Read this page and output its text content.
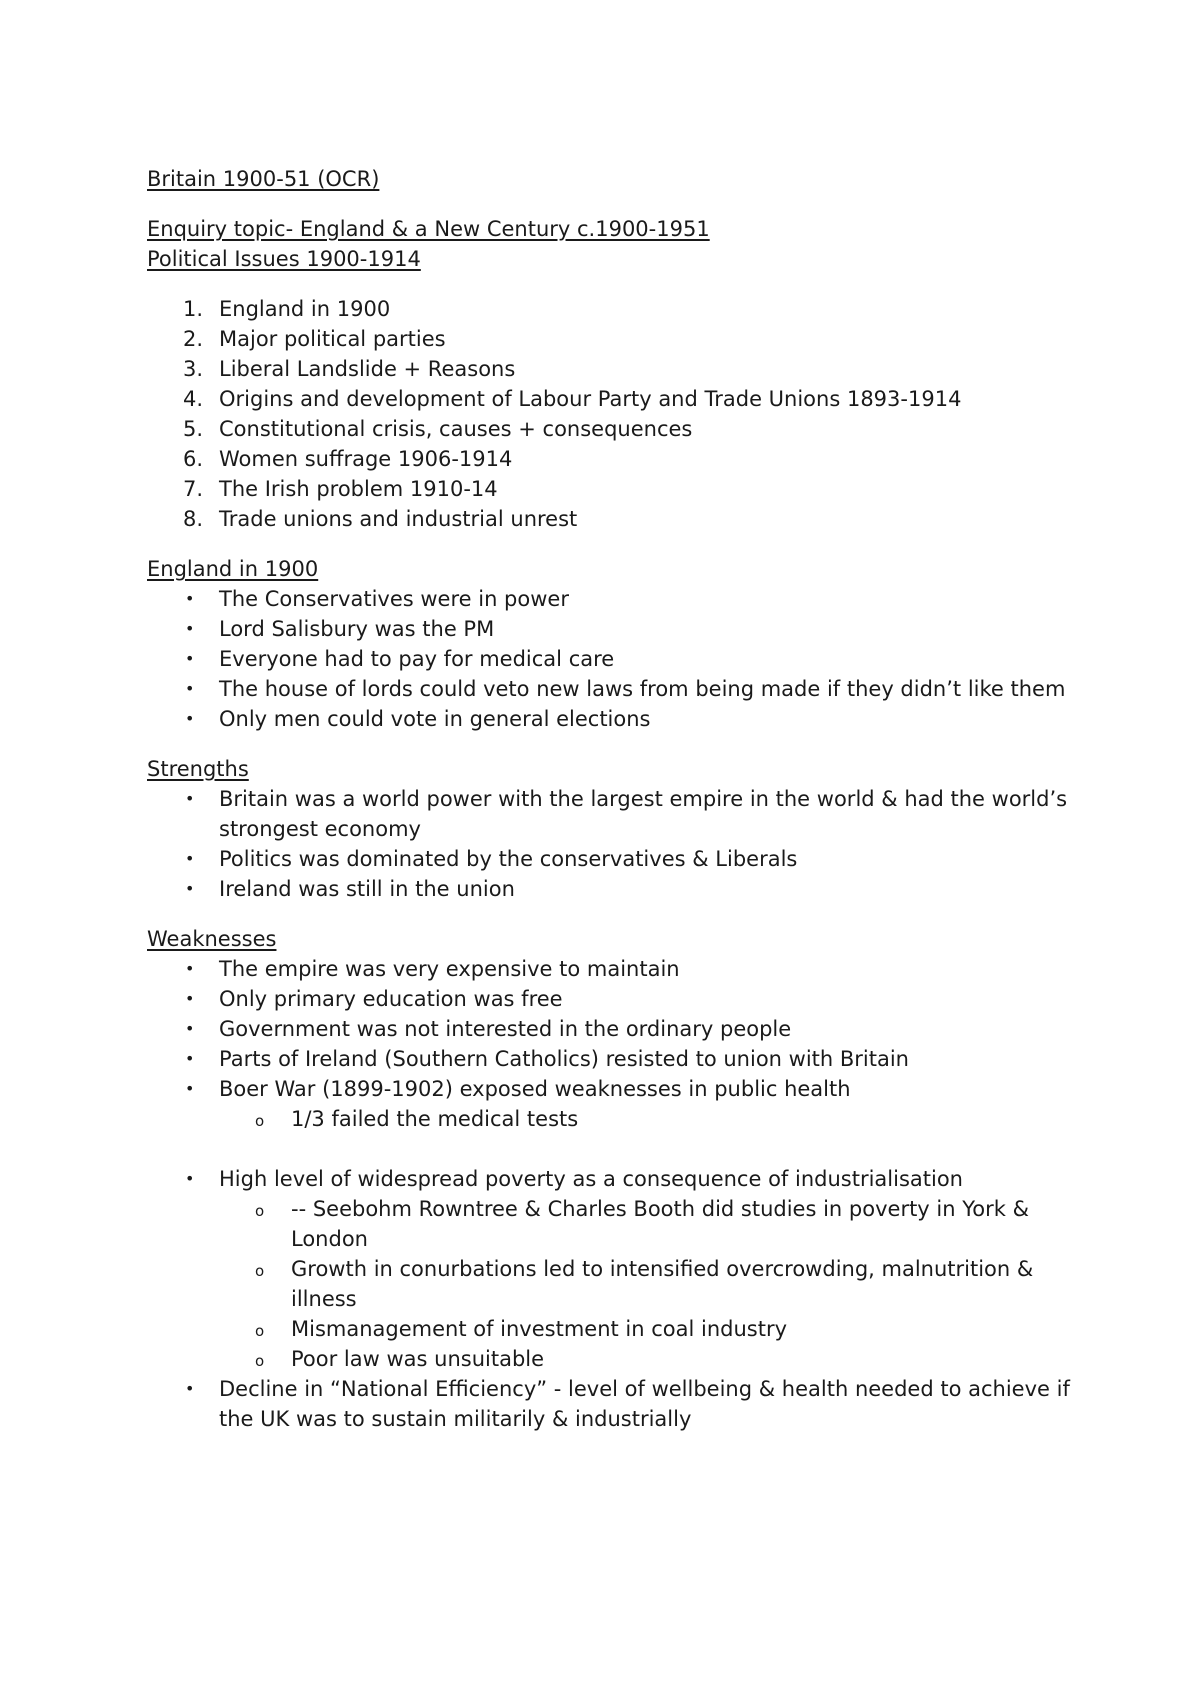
Britain 1900-51 (OCR)
Enquiry topic- England & a New Century c.1900-1951
Political Issues 1900-1914
1. England in 1900
2. Major political parties
3. Liberal Landslide + Reasons
4. Origins and development of Labour Party and Trade Unions 1893-1914
5. Constitutional crisis, causes + consequences
6. Women suffrage 1906-1914
7. The Irish problem 1910-14
8. Trade unions and industrial unrest
England in 1900
• The Conservatives were in power
• Lord Salisbury was the PM
• Everyone had to pay for medical care
• The house of lords could veto new laws from being made if they didn’t like them
• Only men could vote in general elections
Strengths
• Britain was a world power with the largest empire in the world & had the world’s strongest economy
• Politics was dominated by the conservatives & Liberals
• Ireland was still in the union
Weaknesses
• The empire was very expensive to maintain
• Only primary education was free
• Government was not interested in the ordinary people
• Parts of Ireland (Southern Catholics) resisted to union with Britain
• Boer War (1899-1902) exposed weaknesses in public health
o 1/3 failed the medical tests
• High level of widespread poverty as a consequence of industrialisation
o -- Seebohm Rowntree & Charles Booth did studies in poverty in York & London
o Growth in conurbations led to intensified overcrowding, malnutrition & illness
o Mismanagement of investment in coal industry
o Poor law was unsuitable
• Decline in “National Efficiency” - level of wellbeing & health needed to achieve if the UK was to sustain militarily & industrially
